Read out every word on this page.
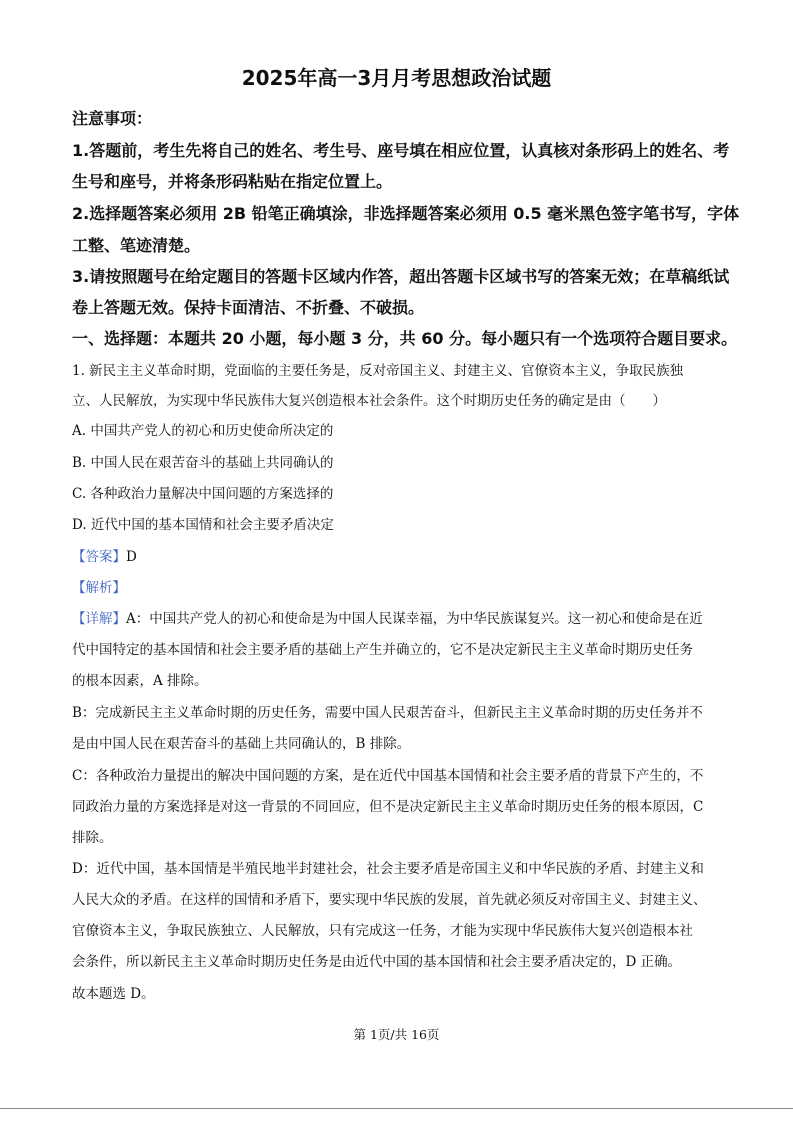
2025年高一3月月考思想政治试题
注意事项：
1.答题前，考生先将自己的姓名、考生号、座号填在相应位置，认真核对条形码上的姓名、考
生号和座号，并将条形码粘贴在指定位置上。
2.选择题答案必须用 2B 铅笔正确填涂，非选择题答案必须用 0.5 毫米黑色签字笔书写，字体
工整、笔迹清楚。
3.请按照题号在给定题目的答题卡区域内作答，超出答题卡区域书写的答案无效；在草稿纸试
卷上答题无效。保持卡面清洁、不折叠、不破损。
一、选择题：本题共 20 小题，每小题 3 分，共 60 分。每小题只有一个选项符合题目要求。
1. 新民主主义革命时期，党面临的主要任务是，反对帝国主义、封建主义、官僚资本主义，争取民族独
立、人民解放，为实现中华民族伟大复兴创造根本社会条件。这个时期历史任务的确定是由（　　）
A. 中国共产党人的初心和历史使命所决定的
B. 中国人民在艰苦奋斗的基础上共同确认的
C. 各种政治力量解决中国问题的方案选择的
D. 近代中国的基本国情和社会主要矛盾决定
【答案】D
【解析】
【详解】A：中国共产党人的初心和使命是为中国人民谋幸福，为中华民族谋复兴。这一初心和使命是在近
代中国特定的基本国情和社会主要矛盾的基础上产生并确立的，它不是决定新民主主义革命时期历史任务
的根本因素，A 排除。
B：完成新民主主义革命时期的历史任务，需要中国人民艰苦奋斗，但新民主主义革命时期的历史任务并不
是由中国人民在艰苦奋斗的基础上共同确认的，B 排除。
C：各种政治力量提出的解决中国问题的方案，是在近代中国基本国情和社会主要矛盾的背景下产生的，不
同政治力量的方案选择是对这一背景的不同回应，但不是决定新民主主义革命时期历史任务的根本原因，C
排除。
D：近代中国，基本国情是半殖民地半封建社会，社会主要矛盾是帝国主义和中华民族的矛盾、封建主义和
人民大众的矛盾。在这样的国情和矛盾下，要实现中华民族的发展，首先就必须反对帝国主义、封建主义、
官僚资本主义，争取民族独立、人民解放，只有完成这一任务，才能为实现中华民族伟大复兴创造根本社
会条件，所以新民主主义革命时期历史任务是由近代中国的基本国情和社会主要矛盾决定的，D 正确。
故本题选 D。
第 1页/共 16页
